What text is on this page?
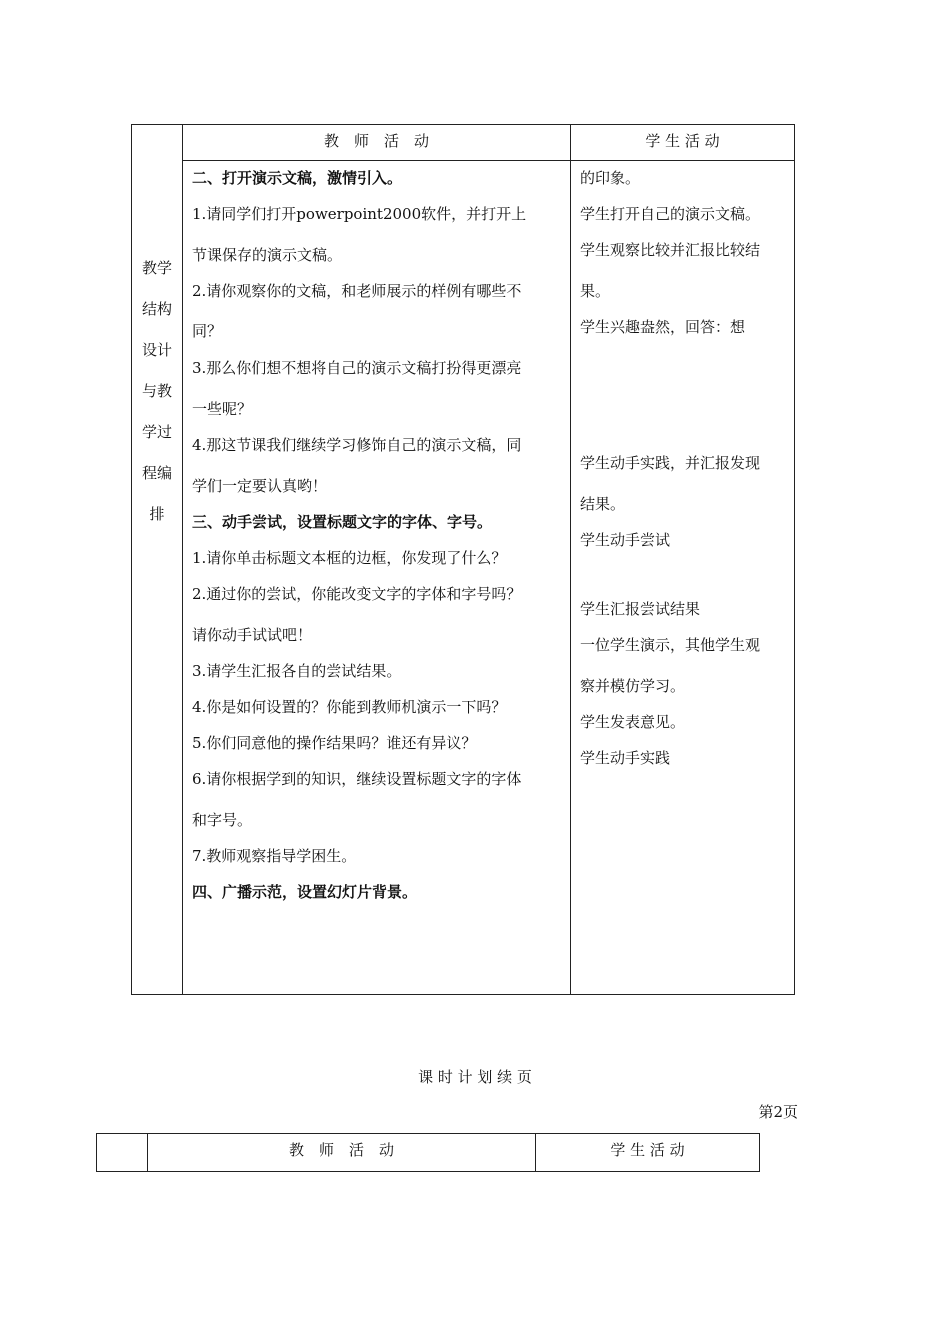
教　师　活　动	学 生 活 动
教学
结构
设计
与教
学过
程编
排
二、打开演示文稿，激情引入。
1.请同学们打开powerpoint2000软件，并打开上
节课保存的演示文稿。
2.请你观察你的文稿，和老师展示的样例有哪些不
同？
3.那么你们想不想将自己的演示文稿打扮得更漂亮
一些呢？
4.那这节课我们继续学习修饰自己的演示文稿，同
学们一定要认真哟！
三、动手尝试，设置标题文字的字体、字号。
1.请你单击标题文本框的边框，你发现了什么？
2.通过你的尝试，你能改变文字的字体和字号吗？
请你动手试试吧！
3.请学生汇报各自的尝试结果。
4.你是如何设置的？你能到教师机演示一下吗？
5.你们同意他的操作结果吗？谁还有异议？
6.请你根据学到的知识，继续设置标题文字的字体
和字号。
7.教师观察指导学困生。
四、广播示范，设置幻灯片背景。
的印象。
学生打开自己的演示文稿。
学生观察比较并汇报比较结
果。
学生兴趣盎然，回答：想
学生动手实践，并汇报发现
结果。
学生动手尝试
学生汇报尝试结果
一位学生演示，其他学生观
察并模仿学习。
学生发表意见。
学生动手实践
课 时 计 划 续 页
第2页
教　师　活　动	学 生 活 动
